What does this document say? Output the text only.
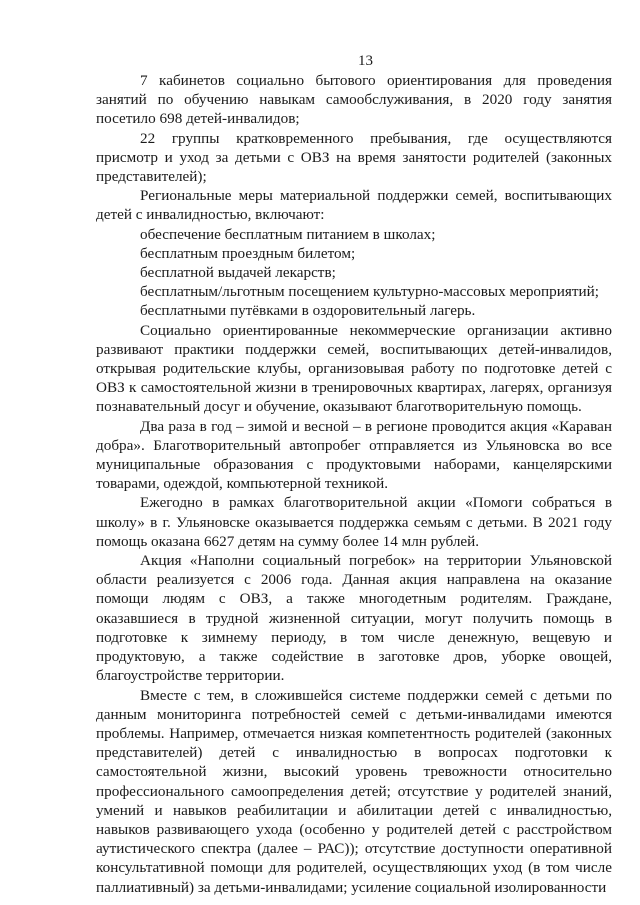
13

7 кабинетов социально бытового ориентирования для проведения занятий по обучению навыкам самообслуживания, в 2020 году занятия посетило 698 детей-инвалидов;

22 группы кратковременного пребывания, где осуществляются присмотр и уход за детьми с ОВЗ на время занятости родителей (законных представителей);

Региональные меры материальной поддержки семей, воспитывающих детей с инвалидностью, включают:

обеспечение бесплатным питанием в школах;

бесплатным проездным билетом;

бесплатной выдачей лекарств;

бесплатным/льготным посещением культурно-массовых мероприятий;

бесплатными путёвками в оздоровительный лагерь.

Социально ориентированные некоммерческие организации активно развивают практики поддержки семей, воспитывающих детей-инвалидов, открывая родительские клубы, организовывая работу по подготовке детей с ОВЗ к самостоятельной жизни в тренировочных квартирах, лагерях, организуя познавательный досуг и обучение, оказывают благотворительную помощь.

Два раза в год – зимой и весной – в регионе проводится акция «Караван добра». Благотворительный автопробег отправляется из Ульяновска во все муниципальные образования с продуктовыми наборами, канцелярскими товарами, одеждой, компьютерной техникой.

Ежегодно в рамках благотворительной акции «Помоги собраться в школу» в г. Ульяновске оказывается поддержка семьям с детьми. В 2021 году помощь оказана 6627 детям на сумму более 14 млн рублей.

Акция «Наполни социальный погребок» на территории Ульяновской области реализуется с 2006 года. Данная акция направлена на оказание помощи людям с ОВЗ, а также многодетным родителям. Граждане, оказавшиеся в трудной жизненной ситуации, могут получить помощь в подготовке к зимнему периоду, в том числе денежную, вещевую и продуктовую, а также содействие в заготовке дров, уборке овощей, благоустройстве территории.

Вместе с тем, в сложившейся системе поддержки семей с детьми по данным мониторинга потребностей семей с детьми-инвалидами имеются проблемы. Например, отмечается низкая компетентность родителей (законных представителей) детей с инвалидностью в вопросах подготовки к самостоятельной жизни, высокий уровень тревожности относительно профессионального самоопределения детей; отсутствие у родителей знаний, умений и навыков реабилитации и абилитации детей с инвалидностью, навыков развивающего ухода (особенно у родителей детей с расстройством аутистического спектра (далее – РАС)); отсутствие доступности оперативной консультативной помощи для родителей, осуществляющих уход (в том числе паллиативный) за детьми-инвалидами; усиление социальной изолированности
